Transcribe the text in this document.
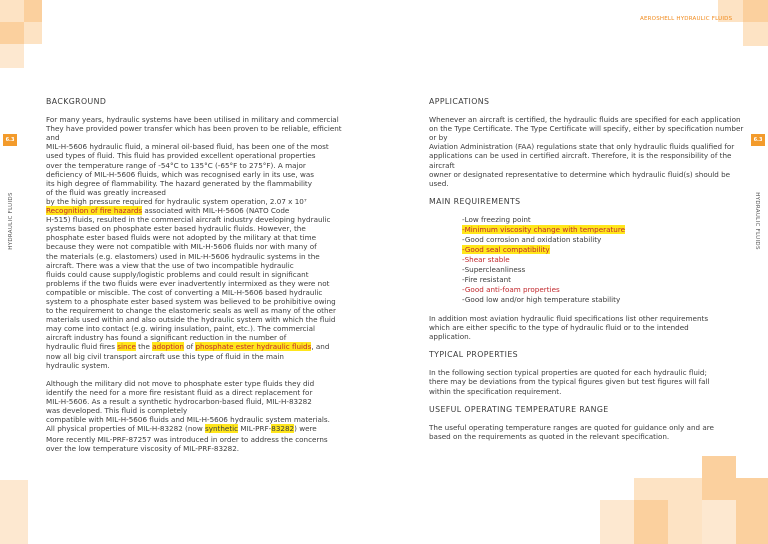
AEROSHELL HYDRAULIC FLUIDS
6.3
HYDRAULIC FLUIDS
6.3
HYDRAULIC FLUIDS
BACKGROUND

For many years, hydraulic systems have been utilised in military and commercial

They have provided power transfer which has been proven to be reliable, efficient and

MIL-H-5606 hydraulic fluid, a mineral oil-based fluid, has been one of the most

used types of fluid. This fluid has provided excellent operational properties

over the temperature range of -54°C to 135°C (-65°F to 275°F). A major

deficiency of MIL-H-5606 fluids, which was recognised early in its use, was

its high degree of flammability. The hazard generated by the flammability

of the fluid was greatly increased

by the high pressure required for hydraulic system operation, 2.07 x 10⁷

Recognition of fire hazards associated with MIL-H-5606 (NATO Code

H-515) fluids, resulted in the commercial aircraft industry developing hydraulic

systems based on phosphate ester based hydraulic fluids. However, the

phosphate ester based fluids were not adopted by the military at that time

because they were not compatible with MIL-H-5606 fluids nor with many of

the materials (e.g. elastomers) used in MIL-H-5606 hydraulic systems in the

aircraft. There was a view that the use of two incompatible hydraulic

fluids could cause supply/logistic problems and could result in significant

problems if the two fluids were ever inadvertently intermixed as they were not

compatible or miscible. The cost of converting a MIL-H-5606 based hydraulic

system to a phosphate ester based system was believed to be prohibitive owing

to the requirement to change the elastomeric seals as well as many of the other

materials used within and also outside the hydraulic system with which the fluid

may come into contact (e.g. wiring insulation, paint, etc.). The commercial

aircraft industry has found a significant reduction in the number of

hydraulic fluid fires since the adoption of phosphate ester hydraulic fluids, and

now all big civil transport aircraft use this type of fluid in the main

hydraulic system.

Although the military did not move to phosphate ester type fluids they did

identify the need for a more fire resistant fluid as a direct replacement for

MIL-H-5606. As a result a synthetic hydrocarbon-based fluid, MIL-H-83282

was developed. This fluid is completely

compatible with MIL-H-5606 fluids and MIL-H-5606 hydraulic system materials.

All physical properties of MIL-H-83282 (now synthetic MIL-PRF-83282) were

More recently MIL-PRF-87257 was introduced in order to address the concerns

over the low temperature viscosity of MIL-PRF-83282.

APPLICATIONS

Whenever an aircraft is certified, the hydraulic fluids are specified for each application

on the Type Certificate. The Type Certificate will specify, either by specification number or by

Aviation Administration (FAA) regulations state that only hydraulic fluids qualified for

applications can be used in certified aircraft. Therefore, it is the responsibility of the aircraft

owner or designated representative to determine which hydraulic fluid(s) should be

used.

MAIN REQUIREMENTS
-Low freezing point
-Minimum viscosity change with temperature
-Good corrosion and oxidation stability
-Good seal compatibility
-Shear stable
-Supercleanliness
-Fire resistant
-Good anti-foam properties
-Good low and/or high temperature stability

In addition most aviation hydraulic fluid specifications list other requirements

which are either specific to the type of hydraulic fluid or to the intended

application.

TYPICAL PROPERTIES

In the following section typical properties are quoted for each hydraulic fluid;

there may be deviations from the typical figures given but test figures will fall

within the specification requirement.

USEFUL OPERATING TEMPERATURE RANGE

The useful operating temperature ranges are quoted for guidance only and are

based on the requirements as quoted in the relevant specification.
